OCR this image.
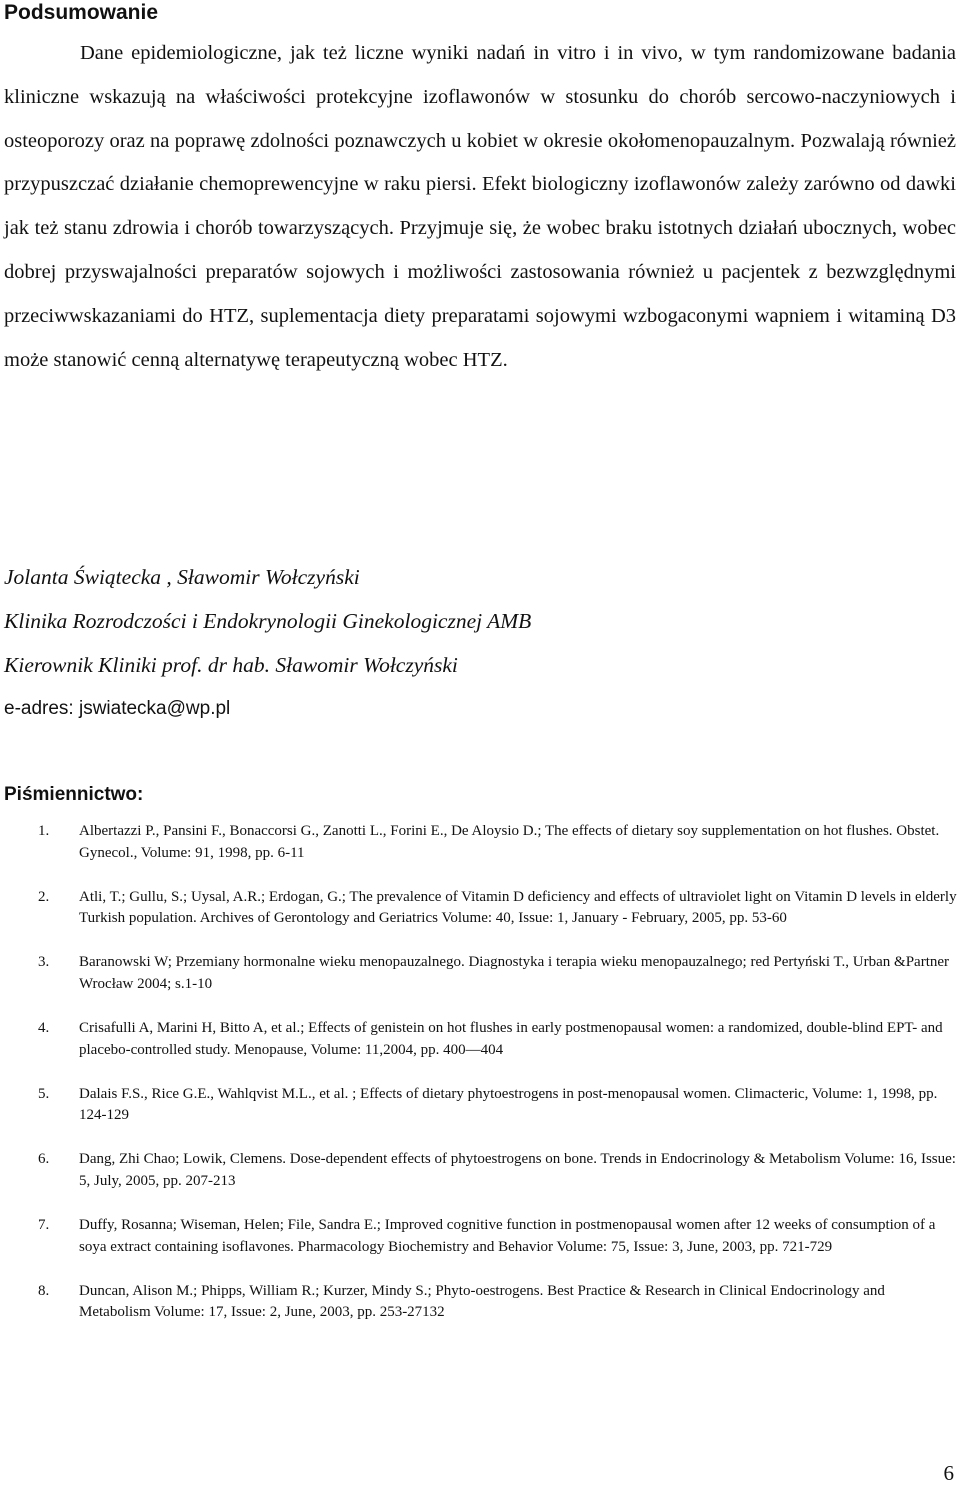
Podsumowanie
Dane epidemiologiczne, jak też liczne wyniki nadań in vitro i in vivo, w tym randomizowane badania kliniczne wskazują na właściwości protekcyjne izoflawonów w stosunku do chorób sercowo-naczyniowych i osteoporozy oraz na poprawę zdolności poznawczych u kobiet w okresie okołomenopauzalnym. Pozwalają również przypuszczać działanie chemoprewencyjne w raku piersi. Efekt biologiczny izoflawonów zależy zarówno od dawki jak też stanu zdrowia i chorób towarzyszących. Przyjmuje się, że wobec braku istotnych działań ubocznych, wobec dobrej przyswajalności preparatów sojowych i możliwości zastosowania również u pacjentek z bezwzględnymi przeciwwskazaniami do HTZ, suplementacja diety preparatami sojowymi wzbogaconymi wapniem i witaminą D3 może stanowić cenną alternatywę terapeutyczną wobec HTZ.
Jolanta Świątecka , Sławomir Wołczyński
Klinika Rozrodczości i Endokrynologii Ginekologicznej AMB
Kierownik Kliniki prof. dr hab. Sławomir Wołczyński
e-adres: jswiatecka@wp.pl
Piśmiennictwo:
1. Albertazzi P., Pansini F., Bonaccorsi G., Zanotti L., Forini E., De Aloysio D.; The effects of dietary soy supplementation on hot flushes. Obstet. Gynecol., Volume: 91, 1998, pp. 6-11
2. Atli, T.; Gullu, S.; Uysal, A.R.; Erdogan, G.; The prevalence of Vitamin D deficiency and effects of ultraviolet light on Vitamin D levels in elderly Turkish population. Archives of Gerontology and Geriatrics Volume: 40, Issue: 1, January - February, 2005, pp. 53-60
3. Baranowski W; Przemiany hormonalne wieku menopauzalnego. Diagnostyka i terapia wieku menopauzalnego; red Pertyński T., Urban &Partner Wrocław 2004; s.1-10
4. Crisafulli A, Marini H, Bitto A, et al.; Effects of genistein on hot flushes in early postmenopausal women: a randomized, double-blind EPT- and placebo-controlled study. Menopause, Volume: 11,2004, pp. 400—404
5. Dalais F.S., Rice G.E., Wahlqvist M.L., et al. ; Effects of dietary phytoestrogens in post-menopausal women. Climacteric, Volume: 1, 1998, pp. 124-129
6. Dang, Zhi Chao; Lowik, Clemens. Dose-dependent effects of phytoestrogens on bone. Trends in Endocrinology & Metabolism Volume: 16, Issue: 5, July, 2005, pp. 207-213
7. Duffy, Rosanna; Wiseman, Helen; File, Sandra E.; Improved cognitive function in postmenopausal women after 12 weeks of consumption of a soya extract containing isoflavones. Pharmacology Biochemistry and Behavior Volume: 75, Issue: 3, June, 2003, pp. 721-729
8. Duncan, Alison M.; Phipps, William R.; Kurzer, Mindy S.; Phyto-oestrogens. Best Practice & Research in Clinical Endocrinology and Metabolism Volume: 17, Issue: 2, June, 2003, pp. 253-27132
6
